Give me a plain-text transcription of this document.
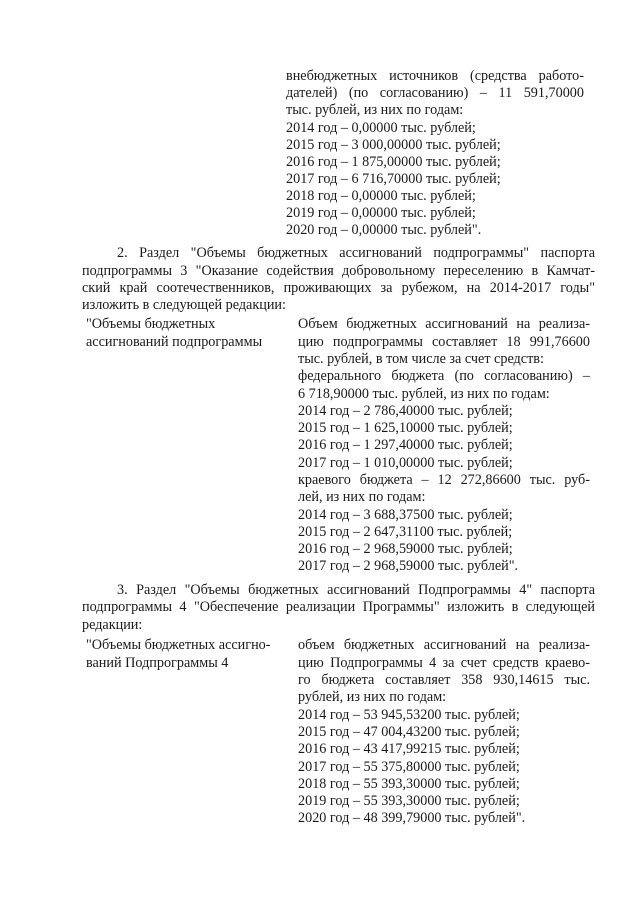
внебюджетных источников (средства работо-
дателей) (по согласованию) – 11 591,70000
тыс. рублей, из них по годам:
2014 год – 0,00000 тыс. рублей;
2015 год – 3 000,00000 тыс. рублей;
2016 год – 1 875,00000 тыс. рублей;
2017 год – 6 716,70000 тыс. рублей;
2018 год – 0,00000 тыс. рублей;
2019 год – 0,00000 тыс. рублей;
2020 год – 0,00000 тыс. рублей".
2. Раздел "Объемы бюджетных ассигнований подпрограммы" паспорта
подпрограммы 3 "Оказание содействия добровольному переселению в Камчат-
ский край соотечественников, проживающих за рубежом, на 2014-2017 годы"
изложить в следующей редакции:
"Объемы бюджетных
ассигнований подпрограммы
Объем бюджетных ассигнований на реализа-
цию подпрограммы составляет 18 991,76600
тыс. рублей, в том числе за счет средств:
федерального бюджета (по согласованию) –
6 718,90000 тыс. рублей, из них по годам:
2014 год – 2 786,40000 тыс. рублей;
2015 год – 1 625,10000 тыс. рублей;
2016 год – 1 297,40000 тыс. рублей;
2017 год – 1 010,00000 тыс. рублей;
краевого бюджета – 12 272,86600 тыс. руб-
лей, из них по годам:
2014 год – 3 688,37500 тыс. рублей;
2015 год – 2 647,31100 тыс. рублей;
2016 год – 2 968,59000 тыс. рублей;
2017 год – 2 968,59000 тыс. рублей".
3. Раздел "Объемы бюджетных ассигнований Подпрограммы 4" паспорта
подпрограммы 4 "Обеспечение реализации Программы" изложить в следующей
редакции:
"Объемы бюджетных ассигно-
ваний Подпрограммы 4
объем бюджетных ассигнований на реализа-
цию Подпрограммы 4 за счет средств краево-
го бюджета составляет 358 930,14615 тыс.
рублей, из них по годам:
2014 год – 53 945,53200 тыс. рублей;
2015 год – 47 004,43200 тыс. рублей;
2016 год – 43 417,99215 тыс. рублей;
2017 год – 55 375,80000 тыс. рублей;
2018 год – 55 393,30000 тыс. рублей;
2019 год – 55 393,30000 тыс. рублей;
2020 год – 48 399,79000 тыс. рублей".
